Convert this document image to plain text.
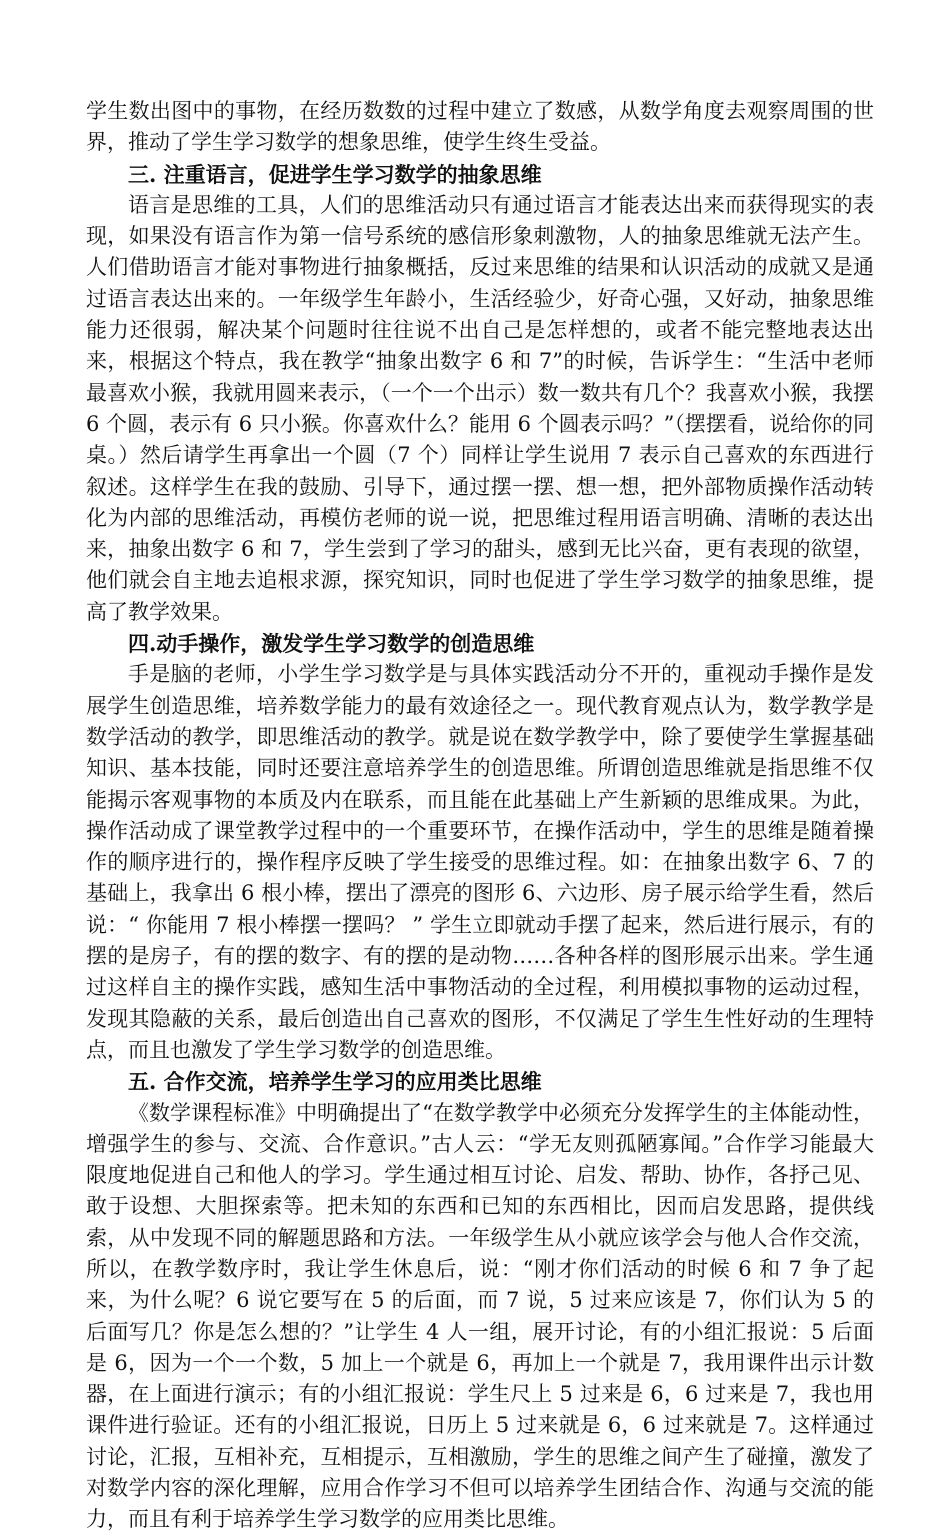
学生数出图中的事物，在经历数数的过程中建立了数感，从数学角度去观察周围的世界，推动了学生学习数学的想象思维，使学生终生受益。

三. 注重语言，促进学生学习数学的抽象思维

语言是思维的工具，人们的思维活动只有通过语言才能表达出来而获得现实的表现，如果没有语言作为第一信号系统的感信形象刺激物，人的抽象思维就无法产生。人们借助语言才能对事物进行抽象概括，反过来思维的结果和认识活动的成就又是通过语言表达出来的。一年级学生年龄小，生活经验少，好奇心强，又好动，抽象思维能力还很弱，解决某个问题时往往说不出自己是怎样想的，或者不能完整地表达出来，根据这个特点，我在教学“抽象出数字 6 和 7”的时候，告诉学生：“生活中老师最喜欢小猴，我就用圆来表示，（一个一个出示）数一数共有几个？我喜欢小猴，我摆 6 个圆，表示有 6 只小猴。你喜欢什么？能用 6 个圆表示吗？”（摆摆看，说给你的同桌。）然后请学生再拿出一个圆（7 个）同样让学生说用 7 表示自己喜欢的东西进行叙述。这样学生在我的鼓励、引导下，通过摆一摆、想一想，把外部物质操作活动转化为内部的思维活动，再模仿老师的说一说，把思维过程用语言明确、清晰的表达出来，抽象出数字 6 和 7，学生尝到了学习的甜头，感到无比兴奋，更有表现的欲望，他们就会自主地去追根求源，探究知识，同时也促进了学生学习数学的抽象思维，提高了教学效果。

四.动手操作，激发学生学习数学的创造思维

手是脑的老师，小学生学习数学是与具体实践活动分不开的，重视动手操作是发展学生创造思维，培养数学能力的最有效途径之一。现代教育观点认为，数学教学是数学活动的教学，即思维活动的教学。就是说在数学教学中，除了要使学生掌握基础知识、基本技能，同时还要注意培养学生的创造思维。所谓创造思维就是指思维不仅能揭示客观事物的本质及内在联系，而且能在此基础上产生新颖的思维成果。为此，操作活动成了课堂教学过程中的一个重要环节，在操作活动中，学生的思维是随着操作的顺序进行的，操作程序反映了学生接受的思维过程。如：在抽象出数字 6、7 的基础上，我拿出 6 根小棒，摆出了漂亮的图形 6、六边形、房子展示给学生看，然后说：“ 你能用 7 根小棒摆一摆吗？ ” 学生立即就动手摆了起来，然后进行展示，有的摆的是房子，有的摆的数字、有的摆的是动物……各种各样的图形展示出来。学生通过这样自主的操作实践，感知生活中事物活动的全过程，利用模拟事物的运动过程，发现其隐蔽的关系，最后创造出自己喜欢的图形，不仅满足了学生生性好动的生理特点，而且也激发了学生学习数学的创造思维。

五. 合作交流，培养学生学习的应用类比思维

《数学课程标准》中明确提出了“在数学教学中必须充分发挥学生的主体能动性，增强学生的参与、交流、合作意识。”古人云：“学无友则孤陋寡闻。”合作学习能最大限度地促进自己和他人的学习。学生通过相互讨论、启发、帮助、协作，各抒己见、敢于设想、大胆探索等。把未知的东西和已知的东西相比，因而启发思路，提供线索，从中发现不同的解题思路和方法。一年级学生从小就应该学会与他人合作交流，所以，在教学数序时，我让学生休息后，说：“刚才你们活动的时候 6 和 7 争了起来，为什么呢？6 说它要写在 5 的后面，而 7 说，5 过来应该是 7，你们认为 5 的后面写几？你是怎么想的？”让学生 4 人一组，展开讨论，有的小组汇报说：5 后面是 6，因为一个一个数，5 加上一个就是 6，再加上一个就是 7，我用课件出示计数器，在上面进行演示；有的小组汇报说：学生尺上 5 过来是 6，6 过来是 7，我也用课件进行验证。还有的小组汇报说，日历上 5 过来就是 6，6 过来就是 7。这样通过讨论，汇报，互相补充，互相提示，互相激励，学生的思维之间产生了碰撞，激发了对数学内容的深化理解，应用合作学习不但可以培养学生团结合作、沟通与交流的能力，而且有利于培养学生学习数学的应用类比思维。
